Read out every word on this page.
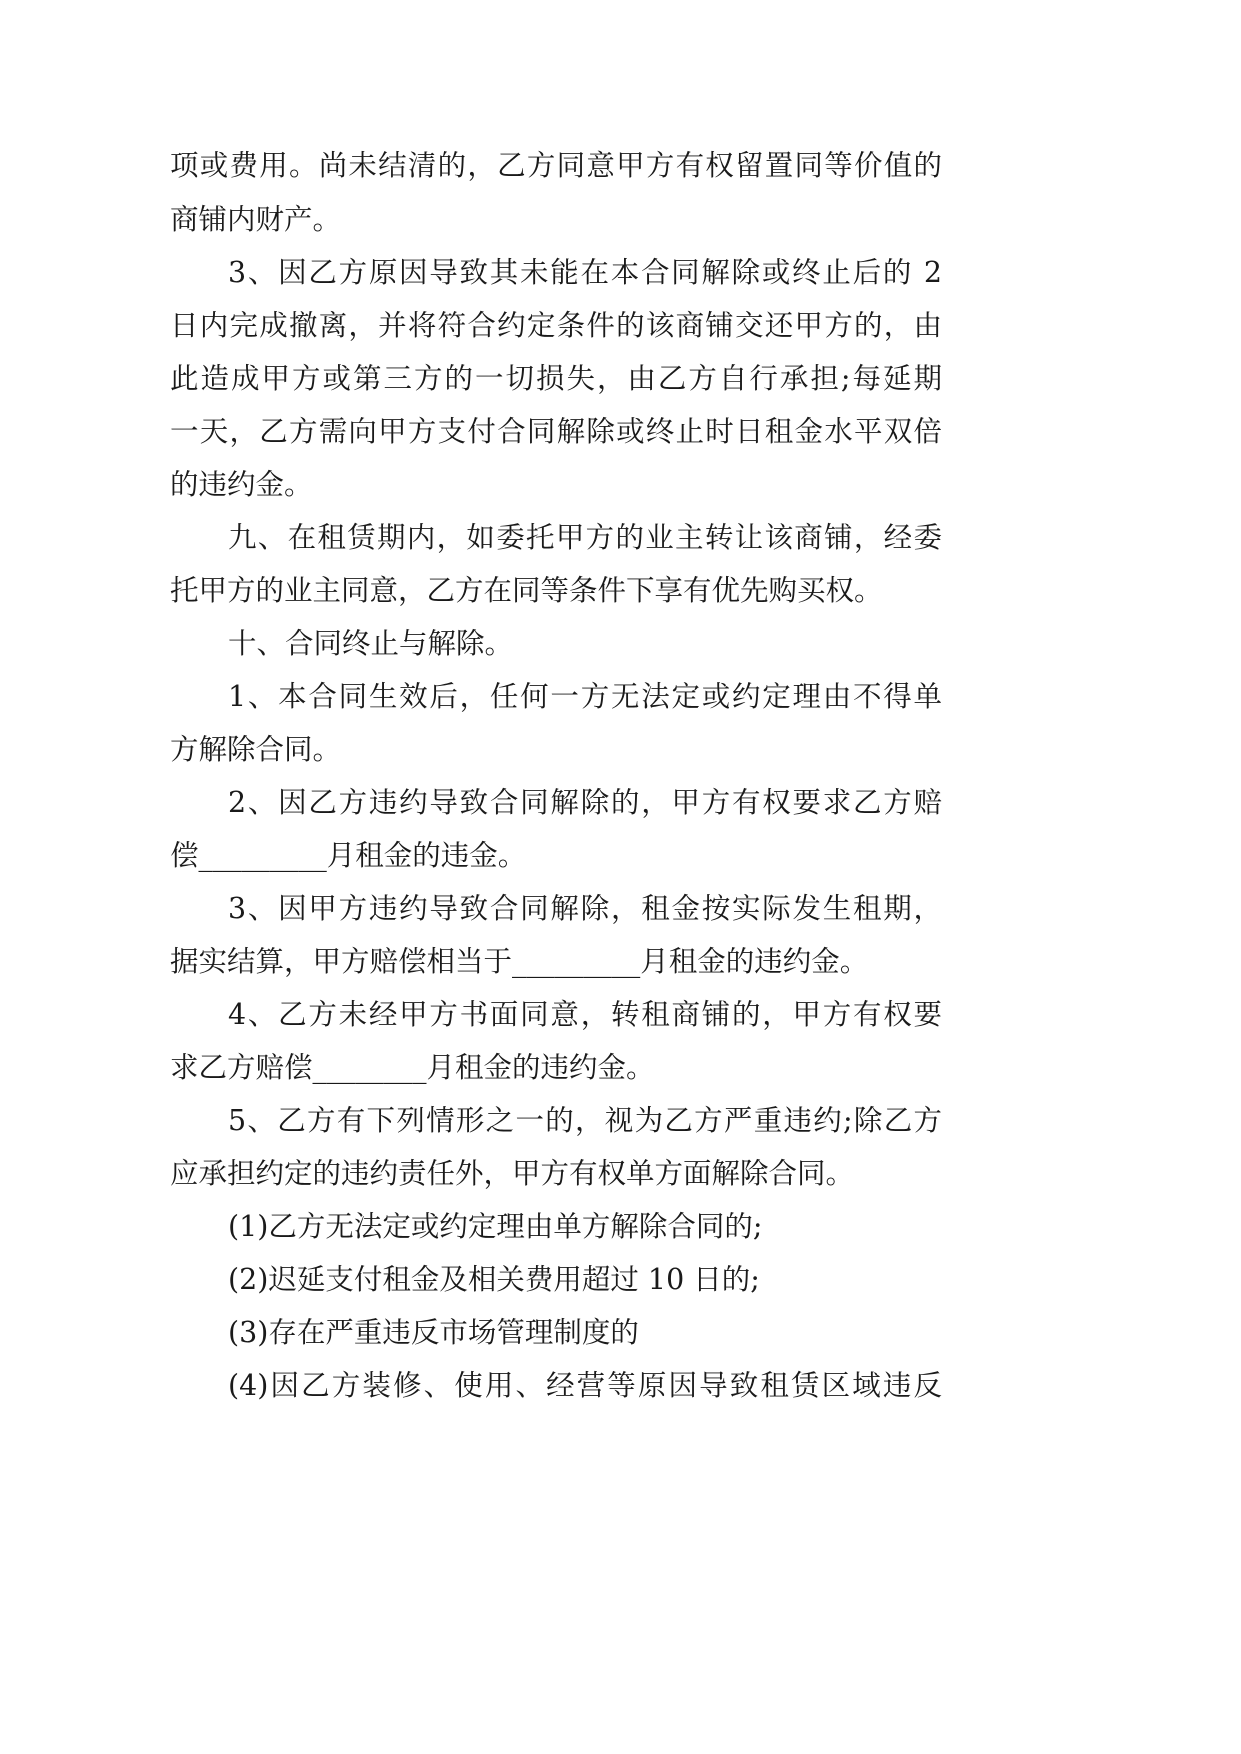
项或费用。尚未结清的，乙方同意甲方有权留置同等价值的
商铺内财产。
3、因乙方原因导致其未能在本合同解除或终止后的 2
日内完成撤离，并将符合约定条件的该商铺交还甲方的，由
此造成甲方或第三方的一切损失，由乙方自行承担;每延期
一天，乙方需向甲方支付合同解除或终止时日租金水平双倍
的违约金。
九、在租赁期内，如委托甲方的业主转让该商铺，经委
托甲方的业主同意，乙方在同等条件下享有优先购买权。
十、合同终止与解除。
1、本合同生效后，任何一方无法定或约定理由不得单
方解除合同。
2、因乙方违约导致合同解除的，甲方有权要求乙方赔
偿_________月租金的违金。
3、因甲方违约导致合同解除，租金按实际发生租期，
据实结算，甲方赔偿相当于_________月租金的违约金。
4、乙方未经甲方书面同意，转租商铺的，甲方有权要
求乙方赔偿________月租金的违约金。
5、乙方有下列情形之一的，视为乙方严重违约;除乙方
应承担约定的违约责任外，甲方有权单方面解除合同。
(1)乙方无法定或约定理由单方解除合同的;
(2)迟延支付租金及相关费用超过 10 日的;
(3)存在严重违反市场管理制度的
(4)因乙方装修、使用、经营等原因导致租赁区域违反
